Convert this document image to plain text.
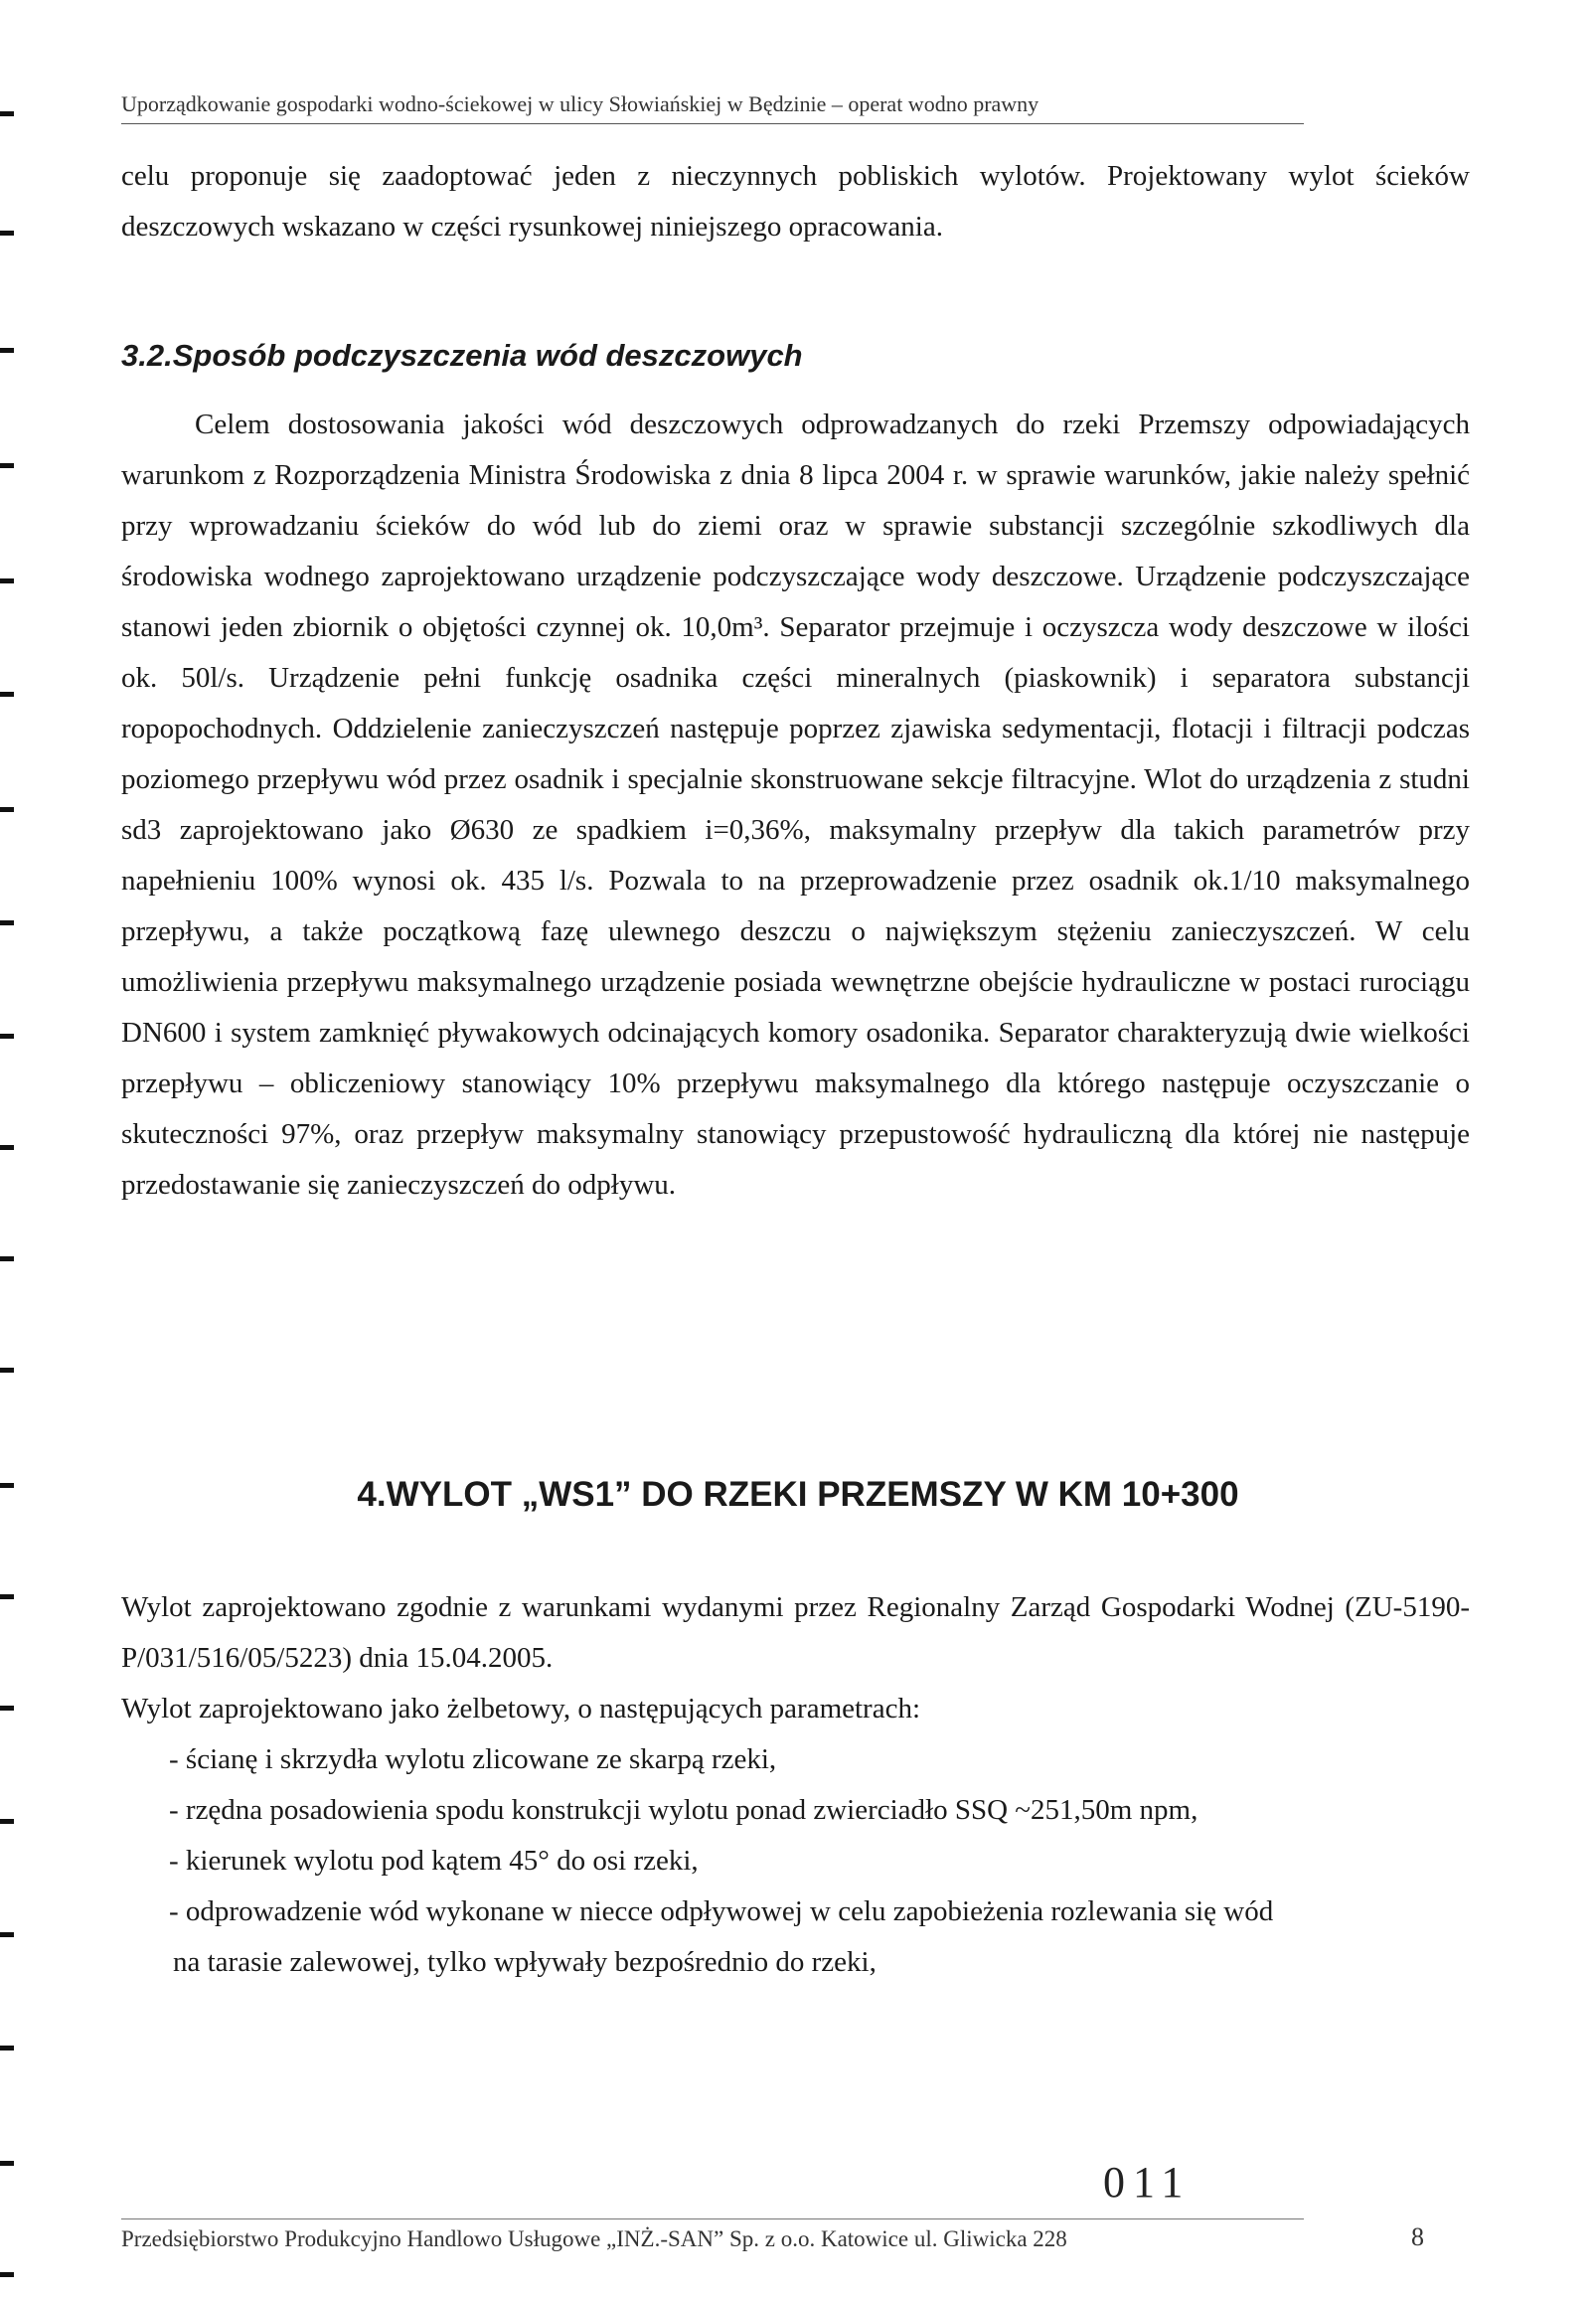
Uporządkowanie gospodarki wodno-ściekowej w ulicy Słowiańskiej w Będzinie – operat wodno prawny

celu proponuje się zaadoptować jeden z nieczynnych pobliskich wylotów. Projektowany wylot ścieków deszczowych wskazano w części rysunkowej niniejszego opracowania.

3.2.Sposób podczyszczenia wód deszczowych

Celem dostosowania jakości wód deszczowych odprowadzanych do rzeki Przemszy odpowiadających warunkom z Rozporządzenia Ministra Środowiska z dnia 8 lipca 2004 r. w sprawie warunków, jakie należy spełnić przy wprowadzaniu ścieków do wód lub do ziemi oraz w sprawie substancji szczególnie szkodliwych dla środowiska wodnego zaprojektowano urządzenie podczyszczające wody deszczowe. Urządzenie podczyszczające stanowi jeden zbiornik o objętości czynnej ok. 10,0m³. Separator przejmuje i oczyszcza wody deszczowe w ilości ok. 50l/s. Urządzenie pełni funkcję osadnika części mineralnych (piaskownik) i separatora substancji ropopochodnych. Oddzielenie zanieczyszczeń następuje poprzez zjawiska sedymentacji, flotacji i filtracji podczas poziomego przepływu wód przez osadnik i specjalnie skonstruowane sekcje filtracyjne. Wlot do urządzenia z studni sd3 zaprojektowano jako Ø630 ze spadkiem i=0,36%, maksymalny przepływ dla takich parametrów przy napełnieniu 100% wynosi ok. 435 l/s. Pozwala to na przeprowadzenie przez osadnik ok.1/10 maksymalnego przepływu, a także początkową fazę ulewnego deszczu o największym stężeniu zanieczyszczeń. W celu umożliwienia przepływu maksymalnego urządzenie posiada wewnętrzne obejście hydrauliczne w postaci rurociągu DN600 i system zamknięć pływakowych odcinających komory osadonika. Separator charakteryzują dwie wielkości przepływu – obliczeniowy stanowiący 10% przepływu maksymalnego dla którego następuje oczyszczanie o skuteczności 97%, oraz przepływ maksymalny stanowiący przepustowość hydrauliczną dla której nie następuje przedostawanie się zanieczyszczeń do odpływu.

4.WYLOT „WS1” DO RZEKI PRZEMSZY W KM 10+300

Wylot zaprojektowano zgodnie z warunkami wydanymi przez Regionalny Zarząd Gospodarki Wodnej (ZU-5190-P/031/516/05/5223) dnia 15.04.2005.

Wylot zaprojektowano jako żelbetowy, o następujących parametrach:

- ścianę i skrzydła wylotu zlicowane ze skarpą rzeki,

- rzędna posadowienia spodu konstrukcji wylotu ponad zwierciadło SSQ ~251,50m npm,

- kierunek wylotu pod kątem 45° do osi rzeki,

- odprowadzenie wód wykonane w niecce odpływowej w celu zapobieżenia rozlewania się wód

na tarasie zalewowej, tylko wpływały bezpośrednio do rzeki,

011
Przedsiębiorstwo Produkcyjno Handlowo Usługowe „INŻ.-SAN” Sp. z o.o. Katowice ul. Gliwicka 228	8
